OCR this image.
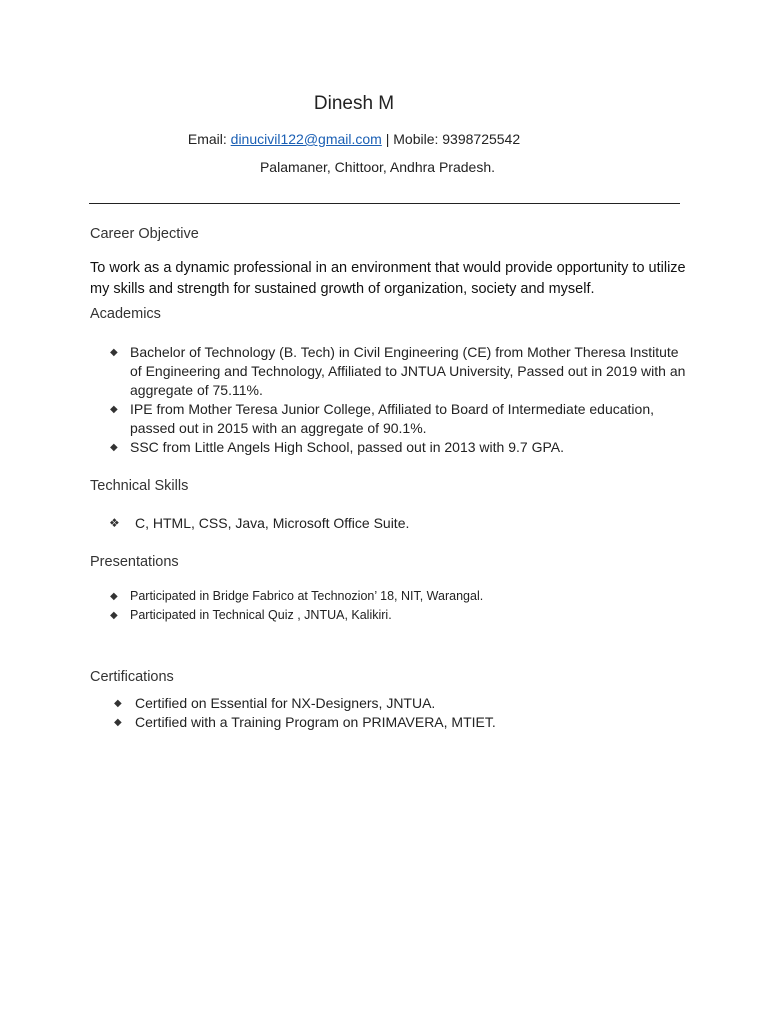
Dinesh M
Email: dinucivil122@gmail.com | Mobile: 9398725542
Palamaner, Chittoor, Andhra Pradesh.
Career Objective
To work as a dynamic professional in an environment that would provide opportunity to utilize my skills and strength for sustained growth of organization, society and myself.
Academics
◆ Bachelor of Technology (B. Tech) in Civil Engineering (CE) from Mother Theresa Institute of Engineering and Technology, Affiliated to JNTUA University, Passed out in 2019 with an aggregate of 75.11%.
◆ IPE from Mother Teresa Junior College, Affiliated to Board of Intermediate education, passed out in 2015 with an aggregate of 90.1%.
◆ SSC from Little Angels High School, passed out in 2013 with 9.7 GPA.
Technical Skills
❖ C, HTML, CSS, Java, Microsoft Office Suite.
Presentations
◆ Participated in Bridge Fabrico at Technozion’ 18, NIT, Warangal.
◆ Participated in Technical Quiz , JNTUA, Kalikiri.
Certifications
◆ Certified on Essential for NX-Designers, JNTUA.
◆ Certified with a Training Program on PRIMAVERA, MTIET.
